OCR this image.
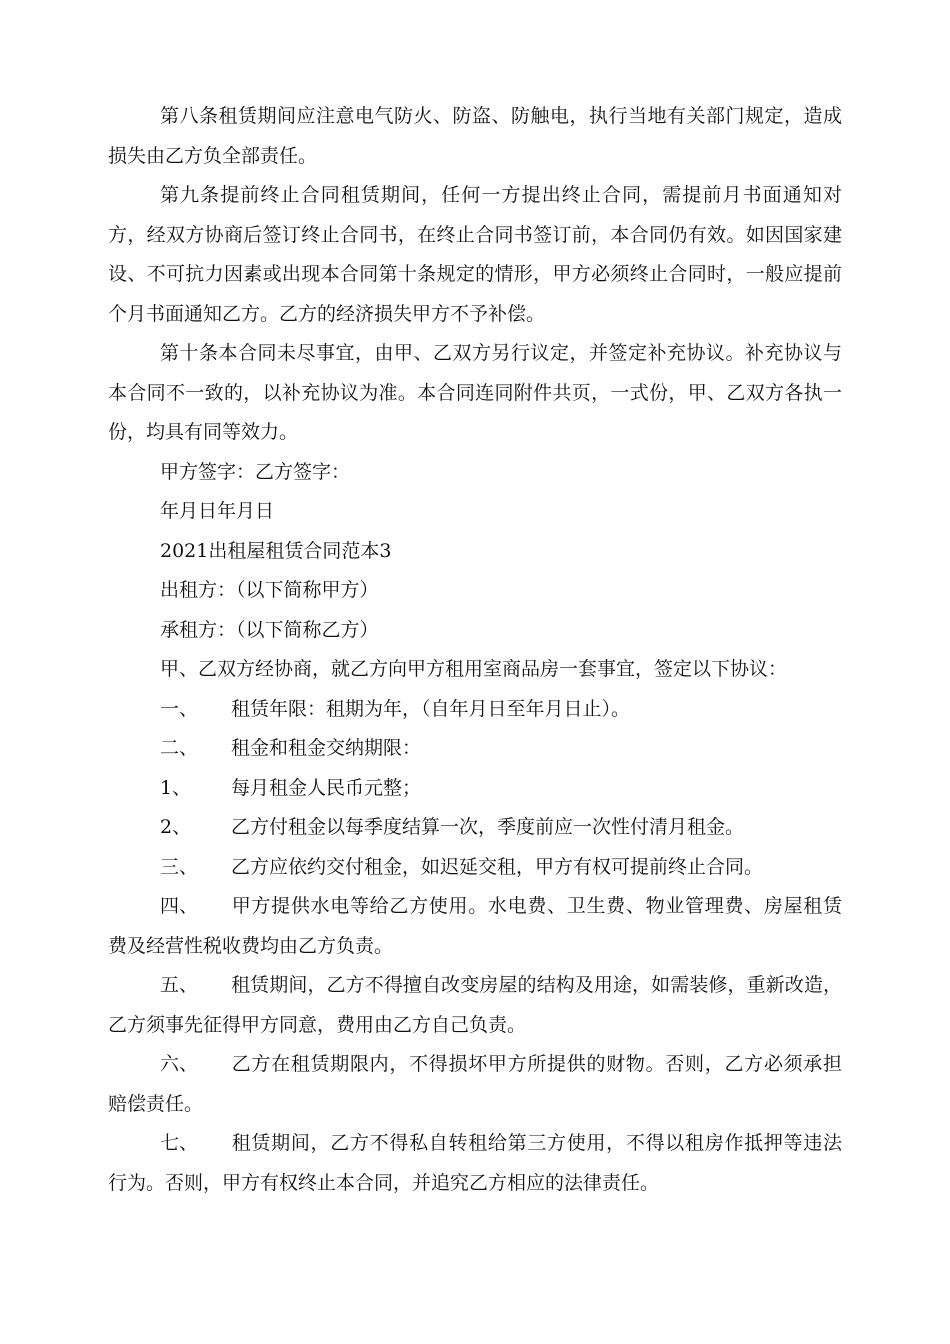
第八条租赁期间应注意电气防火、防盗、防触电，执行当地有关部门规定，造成损失由乙方负全部责任。

第九条提前终止合同租赁期间，任何一方提出终止合同，需提前月书面通知对方，经双方协商后签订终止合同书，在终止合同书签订前，本合同仍有效。如因国家建设、不可抗力因素或出现本合同第十条规定的情形，甲方必须终止合同时，一般应提前个月书面通知乙方。乙方的经济损失甲方不予补偿。

第十条本合同未尽事宜，由甲、乙双方另行议定，并签定补充协议。补充协议与本合同不一致的，以补充协议为准。本合同连同附件共页，一式份，甲、乙双方各执一份，均具有同等效力。

甲方签字：乙方签字：

年月日年月日

2021出租屋租赁合同范本3

出租方：（以下简称甲方）

承租方：（以下简称乙方）

甲、乙双方经协商，就乙方向甲方租用室商品房一套事宜，签定以下协议：

一、 租赁年限：租期为年，（自年月日至年月日止）。

二、 租金和租金交纳期限：

1、 每月租金人民币元整；

2、 乙方付租金以每季度结算一次，季度前应一次性付清月租金。

三、 乙方应依约交付租金，如迟延交租，甲方有权可提前终止合同。

四、 甲方提供水电等给乙方使用。水电费、卫生费、物业管理费、房屋租赁 费及经营性税收费均由乙方负责。

五、 租赁期间，乙方不得擅自改变房屋的结构及用途，如需装修，重新改造，乙方须事先征得甲方同意，费用由乙方自己负责。

六、 乙方在租赁期限内，不得损坏甲方所提供的财物。否则，乙方必须承担 赔偿责任。

七、 租赁期间，乙方不得私自转租给第三方使用，不得以租房作抵押等违法 行为。否则，甲方有权终止本合同，并追究乙方相应的法律责任。
